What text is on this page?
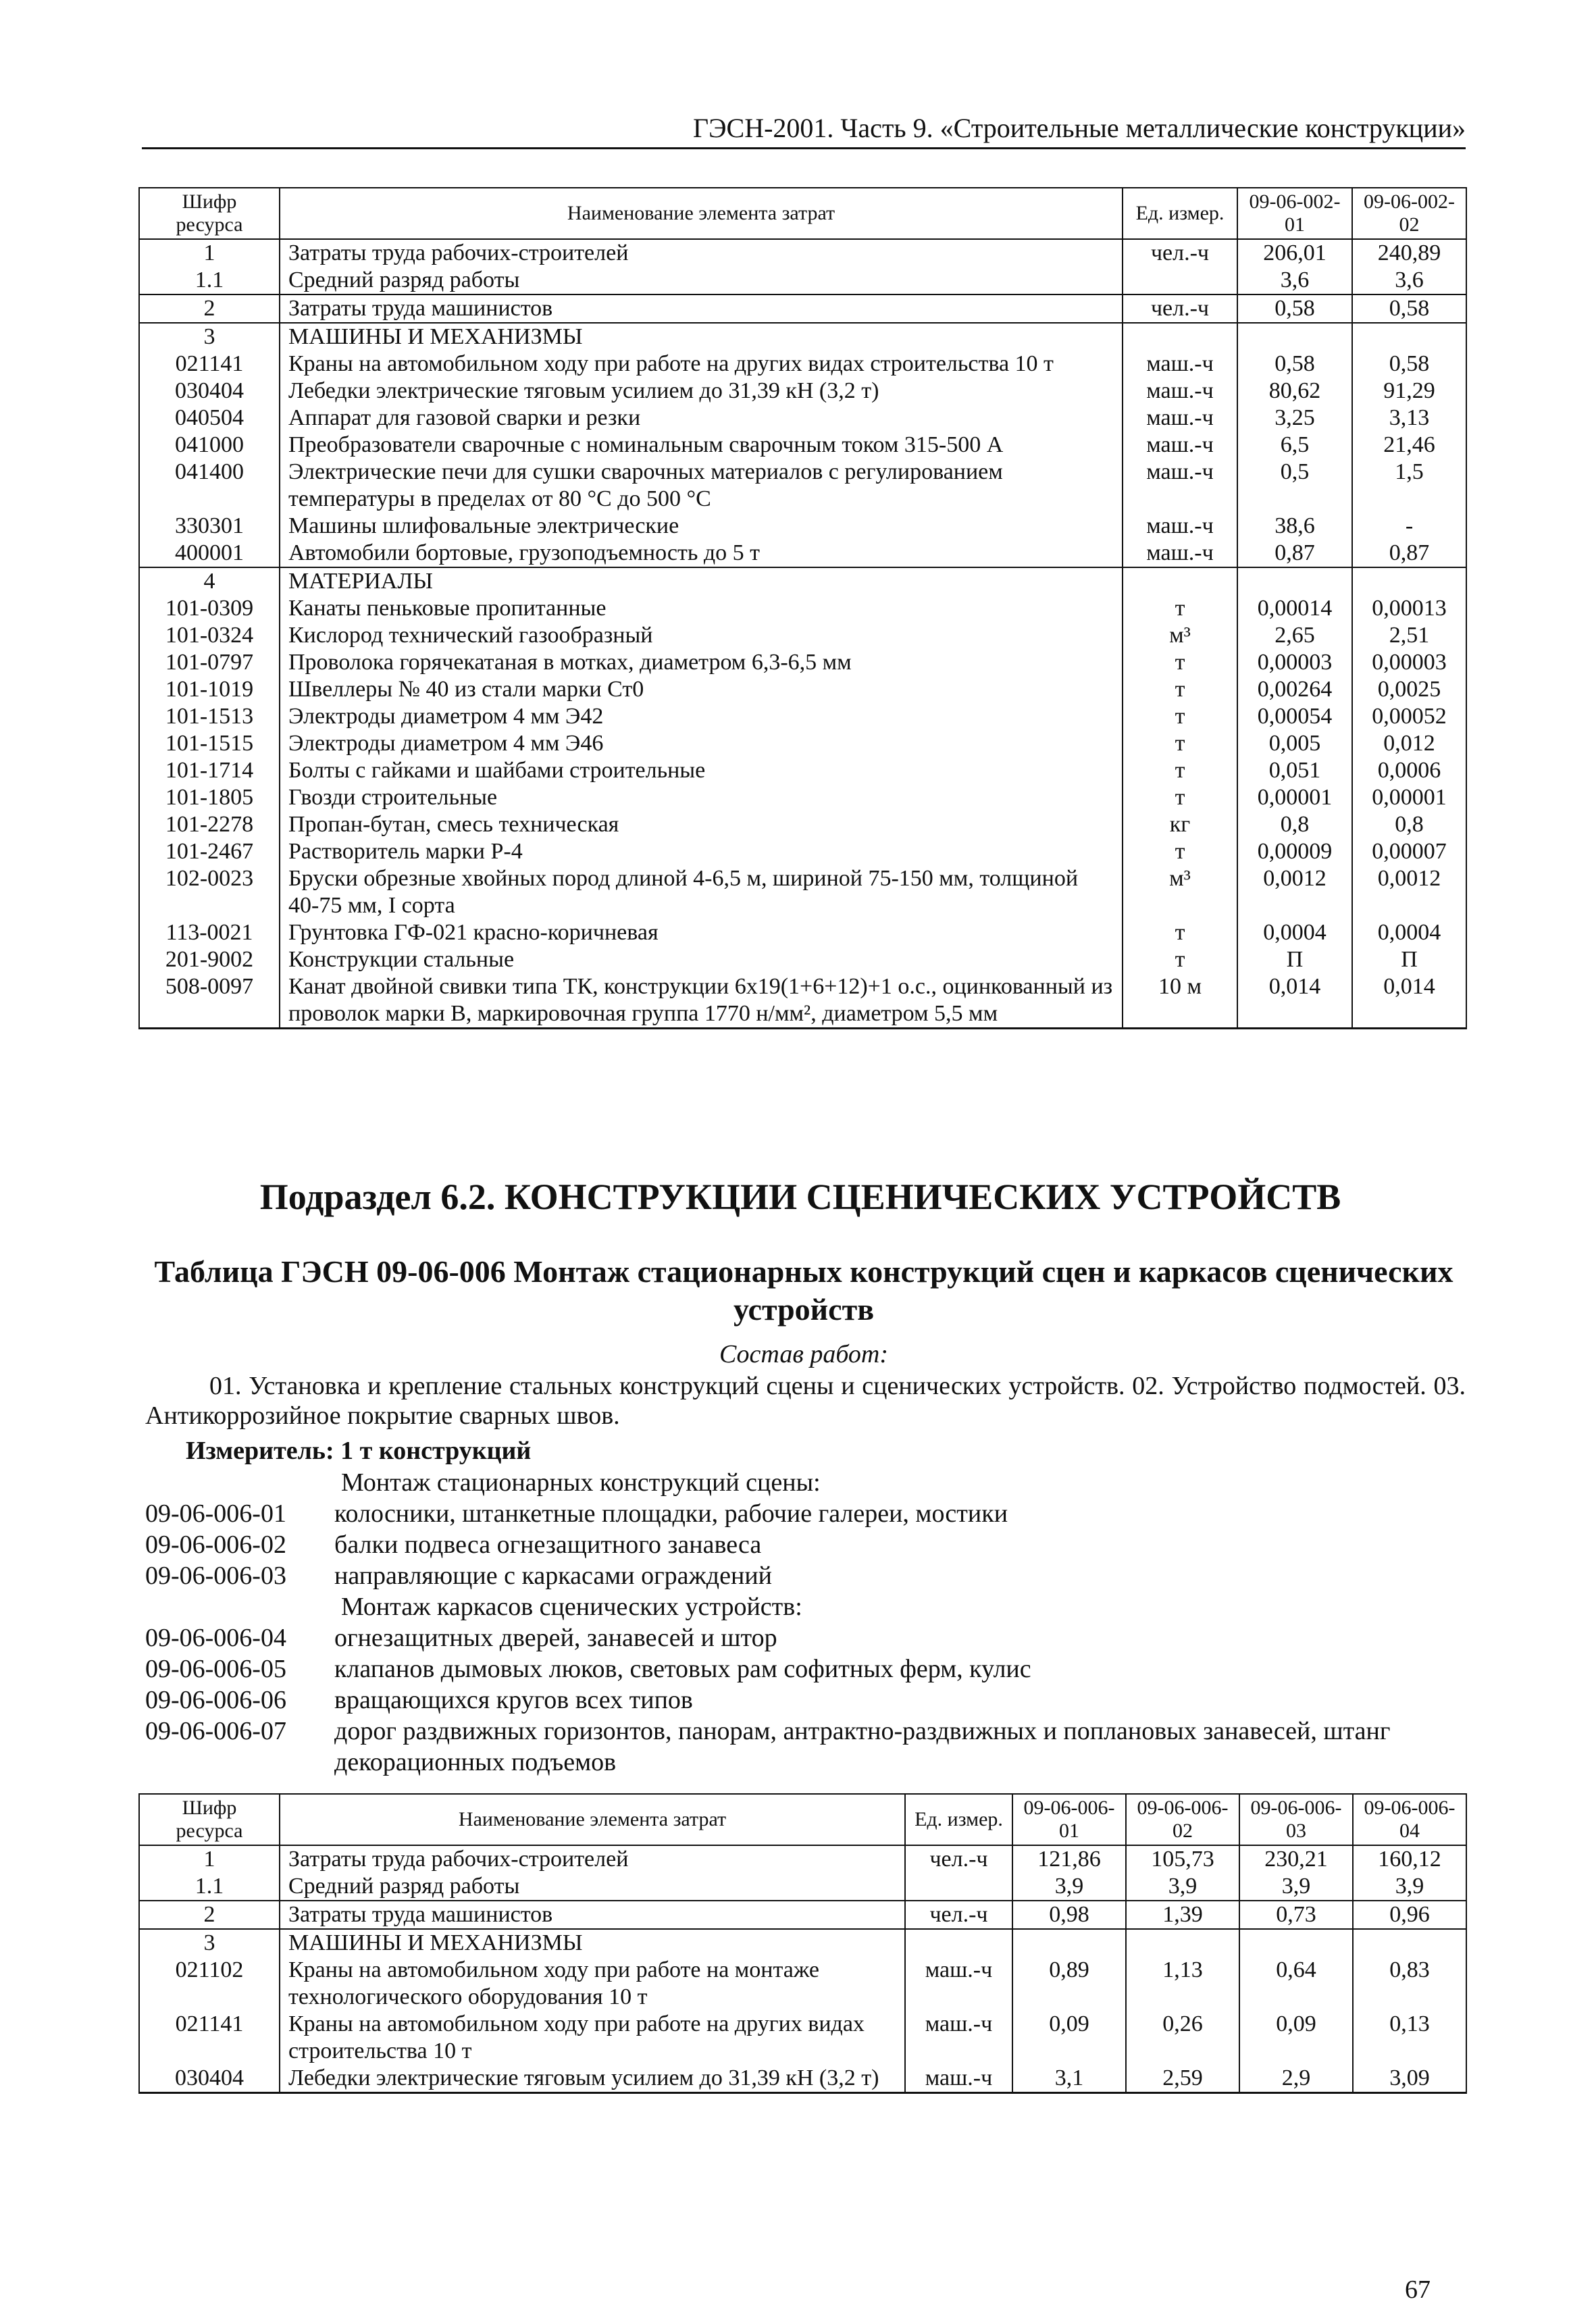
ГЭСН-2001. Часть 9. «Строительные металлические конструкции»
Шифр ресурса	Наименование элемента затрат	Ед. измер.	09-06-002-01	09-06-002-02
1	Затраты труда рабочих-строителей	чел.-ч	206,01	240,89
1.1	Средний разряд работы		3,6	3,6
2	Затраты труда машинистов	чел.-ч	0,58	0,58
3	МАШИНЫ И МЕХАНИЗМЫ			
021141	Краны на автомобильном ходу при работе на других видах строительства 10 т	маш.-ч	0,58	0,58
030404	Лебедки электрические тяговым усилием до 31,39 кН (3,2 т)	маш.-ч	80,62	91,29
040504	Аппарат для газовой сварки и резки	маш.-ч	3,25	3,13
041000	Преобразователи сварочные с номинальным сварочным током 315-500 А	маш.-ч	6,5	21,46
041400	Электрические печи для сушки сварочных материалов с регулированием температуры в пределах от 80 °С до 500 °С	маш.-ч	0,5	1,5
330301	Машины шлифовальные электрические	маш.-ч	38,6	-
400001	Автомобили бортовые, грузоподъемность до 5 т	маш.-ч	0,87	0,87
4	МАТЕРИАЛЫ			
101-0309	Канаты пеньковые пропитанные	т	0,00014	0,00013
101-0324	Кислород технический газообразный	м³	2,65	2,51
101-0797	Проволока горячекатаная в мотках, диаметром 6,3-6,5 мм	т	0,00003	0,00003
101-1019	Швеллеры № 40 из стали марки Ст0	т	0,00264	0,0025
101-1513	Электроды диаметром 4 мм Э42	т	0,00054	0,00052
101-1515	Электроды диаметром 4 мм Э46	т	0,005	0,012
101-1714	Болты с гайками и шайбами строительные	т	0,051	0,0006
101-1805	Гвозди строительные	т	0,00001	0,00001
101-2278	Пропан-бутан, смесь техническая	кг	0,8	0,8
101-2467	Растворитель марки Р-4	т	0,00009	0,00007
102-0023	Бруски обрезные хвойных пород длиной 4-6,5 м, шириной 75-150 мм, толщиной 40-75 мм, I сорта	м³	0,0012	0,0012
113-0021	Грунтовка ГФ-021 красно-коричневая	т	0,0004	0,0004
201-9002	Конструкции стальные	т	П	П
508-0097	Канат двойной свивки типа ТК, конструкции 6х19(1+6+12)+1 о.с., оцинкованный из проволок марки В, маркировочная группа 1770 н/мм², диаметром 5,5 мм	10 м	0,014	0,014
Подраздел 6.2. КОНСТРУКЦИИ СЦЕНИЧЕСКИХ УСТРОЙСТВ
Таблица ГЭСН 09-06-006 Монтаж стационарных конструкций сцен и каркасов сценических устройств
Состав работ:
01. Установка и крепление стальных конструкций сцены и сценических устройств. 02. Устройство подмостей. 03. Антикоррозийное покрытие сварных швов.
Измеритель: 1 т конструкций
Монтаж стационарных конструкций сцены:
09-06-006-01	колосники, штанкетные площадки, рабочие галереи, мостики
09-06-006-02	балки подвеса огнезащитного занавеса
09-06-006-03	направляющие с каркасами ограждений
Монтаж каркасов сценических устройств:
09-06-006-04	огнезащитных дверей, занавесей и штор
09-06-006-05	клапанов дымовых люков, световых рам софитных ферм, кулис
09-06-006-06	вращающихся кругов всех типов
09-06-006-07	дорог раздвижных горизонтов, панорам, антрактно-раздвижных и поплановых занавесей, штанг декорационных подъемов
Шифр ресурса	Наименование элемента затрат	Ед. измер.	09-06-006-01	09-06-006-02	09-06-006-03	09-06-006-04
1	Затраты труда рабочих-строителей	чел.-ч	121,86	105,73	230,21	160,12
1.1	Средний разряд работы		3,9	3,9	3,9	3,9
2	Затраты труда машинистов	чел.-ч	0,98	1,39	0,73	0,96
3	МАШИНЫ И МЕХАНИЗМЫ					
021102	Краны на автомобильном ходу при работе на монтаже технологического оборудования 10 т	маш.-ч	0,89	1,13	0,64	0,83
021141	Краны на автомобильном ходу при работе на других видах строительства 10 т	маш.-ч	0,09	0,26	0,09	0,13
030404	Лебедки электрические тяговым усилием до 31,39 кН (3,2 т)	маш.-ч	3,1	2,59	2,9	3,09
67
